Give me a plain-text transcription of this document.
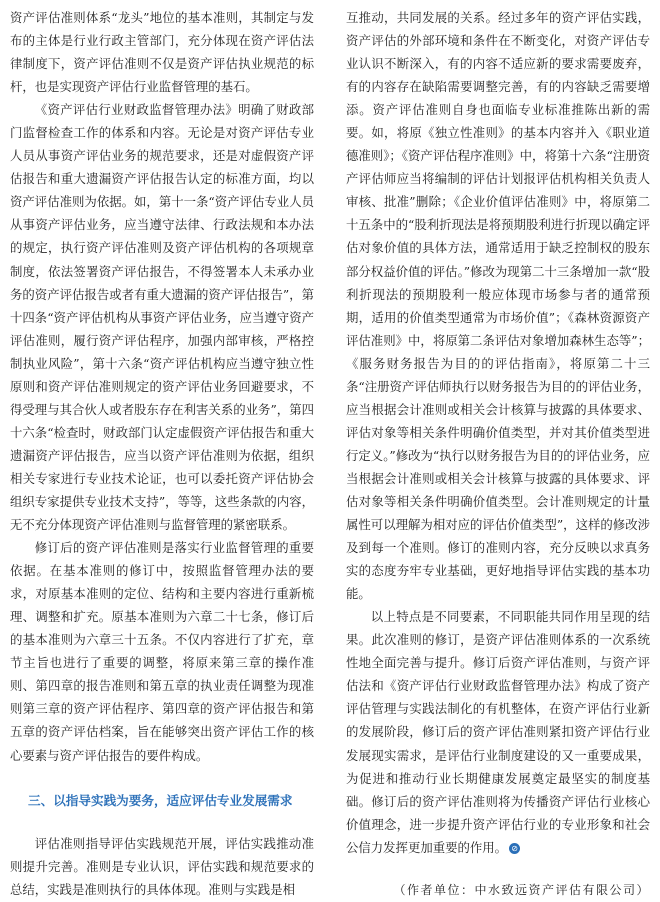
资产评估准则体系“龙头”地位的基本准则，其制定与发布的主体是行业行政主管部门，充分体现在资产评估法律制度下，资产评估准则不仅是资产评估执业规范的标杆，也是实现资产评估行业监督管理的基石。

《资产评估行业财政监督管理办法》明确了财政部门监督检查工作的体系和内容。无论是对资产评估专业人员从事资产评估业务的规范要求，还是对虚假资产评估报告和重大遗漏资产评估报告认定的标准方面，均以资产评估准则为依据。如，第十一条“资产评估专业人员从事资产评估业务，应当遵守法律、行政法规和本办法的规定，执行资产评估准则及资产评估机构的各项规章制度，依法签署资产评估报告，不得签署本人未承办业务的资产评估报告或者有重大遗漏的资产评估报告”，第十四条“资产评估机构从事资产评估业务，应当遵守资产评估准则，履行资产评估程序，加强内部审核，严格控制执业风险”，第十六条“资产评估机构应当遵守独立性原则和资产评估准则规定的资产评估业务回避要求，不得受理与其合伙人或者股东存在利害关系的业务”，第四十六条“检查时，财政部门认定虚假资产评估报告和重大遗漏资产评估报告，应当以资产评估准则为依据，组织相关专家进行专业技术论证，也可以委托资产评估协会组织专家提供专业技术支持”，等等，这些条款的内容，无不充分体现资产评估准则与监督管理的紧密联系。

修订后的资产评估准则是落实行业监督管理的重要依据。在基本准则的修订中，按照监督管理办法的要求，对原基本准则的定位、结构和主要内容进行重新梳理、调整和扩充。原基本准则为六章二十七条，修订后的基本准则为六章三十五条。不仅内容进行了扩充，章节主旨也进行了重要的调整，将原来第三章的操作准则、第四章的报告准则和第五章的执业责任调整为现准则第三章的资产评估程序、第四章的资产评估报告和第五章的资产评估档案，旨在能够突出资产评估工作的核心要素与资产评估报告的要件构成。

三、以指导实践为要务，适应评估专业发展需求

评估准则指导评估实践规范开展，评估实践推动准则提升完善。准则是专业认识，评估实践和规范要求的总结，实践是准则执行的具体体现。准则与实践是相

互推动，共同发展的关系。经过多年的资产评估实践，资产评估的外部环境和条件在不断变化，对资产评估专业认识不断深入，有的内容不适应新的要求需要废弃，有的内容存在缺陷需要调整完善，有的内容缺乏需要增添。资产评估准则自身也面临专业标准推陈出新的需要。如，将原《独立性准则》的基本内容并入《职业道德准则》；《资产评估程序准则》中，将第十六条“注册资产评估师应当将编制的评估计划报评估机构相关负责人审核、批准”删除；《企业价值评估准则》中，将原第二十五条中的“股利折现法是将预期股利进行折现以确定评估对象价值的具体方法，通常适用于缺乏控制权的股东部分权益价值的评估。”修改为现第二十三条增加一款“股利折现法的预期股利一般应体现市场参与者的通常预期，适用的价值类型通常为市场价值”；《森林资源资产评估准则》中，将原第二条评估对象增加森林生态等”；《服务财务报告为目的的评估指南》，将原第二十三条“注册资产评估师执行以财务报告为目的的评估业务，应当根据会计准则或相关会计核算与披露的具体要求、评估对象等相关条件明确价值类型，并对其价值类型进行定义。”修改为“执行以财务报告为目的的评估业务，应当根据会计准则或相关会计核算与披露的具体要求、评估对象等相关条件明确价值类型。会计准则规定的计量属性可以理解为相对应的评估价值类型”，这样的修改涉及到每一个准则。修订的准则内容，充分反映以求真务实的态度夯牢专业基础，更好地指导评估实践的基本功能。

以上特点是不同要素，不同职能共同作用呈现的结果。此次准则的修订，是资产评估准则体系的一次系统性地全面完善与提升。修订后资产评估准则，与资产评估法和《资产评估行业财政监督管理办法》构成了资产评估管理与实践法制化的有机整体，在资产评估行业新的发展阶段，修订后的资产评估准则紧扣资产评估行业发展现实需求，是评估行业制度建设的又一重要成果，为促进和推动行业长期健康发展奠定最坚实的制度基础。修订后的资产评估准则将为传播资产评估行业核心价值理念，进一步提升资产评估行业的专业形象和社会公信力发挥更加重要的作用。 ⊘

（作者单位：中水致远资产评估有限公司）
